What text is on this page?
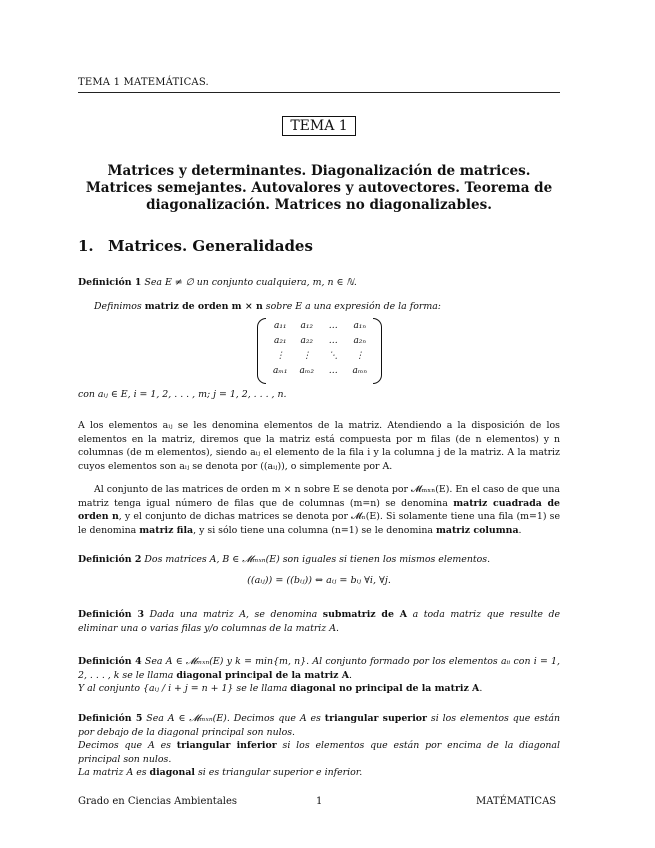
TEMA 1 MATEMÁTICAS.
TEMA 1
Matrices y determinantes. Diagonalización de matrices.
Matrices semejantes. Autovalores y autovectores. Teorema de
diagonalización. Matrices no diagonalizables.
1. Matrices. Generalidades
Definición 1 Sea E ≠ ∅ un conjunto cualquiera, m, n ∈ ℕ.
Definimos matriz de orden m × n sobre E a una expresión de la forma:
a₁₁	a₁₂	…	a₁ₙ
a₂₁	a₂₂	…	a₂ₙ
⋮	⋮	⋱	⋮
aₘ₁	aₘ₂	…	aₘₙ
con aᵢⱼ ∈ E, i = 1, 2, . . . , m; j = 1, 2, . . . , n.
A los elementos aᵢⱼ se les denomina elementos de la matriz. Atendiendo a la disposición de los elementos en la matriz, diremos que la matriz está compuesta por m filas (de n elementos) y n columnas (de m elementos), siendo aᵢⱼ el elemento de la fila i y la columna j de la matriz. A la matriz cuyos elementos son aᵢⱼ se denota por ((aᵢⱼ)), o simplemente por A.
Al conjunto de las matrices de orden m × n sobre E se denota por 𝓜ₘₓₙ(E). En el caso de que una matriz tenga igual número de filas que de columnas (m=n) se denomina matriz cuadrada de orden n, y el conjunto de dichas matrices se denota por 𝓜ₙ(E). Si solamente tiene una fila (m=1) se le denomina matriz fila, y si sólo tiene una columna (n=1) se le denomina matriz columna.
Definición 2 Dos matrices A, B ∈ 𝓜ₘₓₙ(E) son iguales si tienen los mismos elementos.
((aᵢⱼ)) = ((bᵢⱼ)) ⇔ aᵢⱼ = bᵢⱼ ∀i, ∀j.
Definición 3 Dada una matriz A, se denomina submatriz de A a toda matriz que resulte de eliminar una o varias filas y/o columnas de la matriz A.
Definición 4 Sea A ∈ 𝓜ₘₓₙ(E) y k = min{m, n}. Al conjunto formado por los elementos aᵢᵢ con i = 1, 2, . . . , k se le llama diagonal principal de la matriz A.
Y al conjunto {aᵢⱼ / i + j = n + 1} se le llama diagonal no principal de la matriz A.
Definición 5 Sea A ∈ 𝓜ₘₓₙ(E). Decimos que A es triangular superior si los elementos que están por debajo de la diagonal principal son nulos.
Decimos que A es triangular inferior si los elementos que están por encima de la diagonal principal son nulos.
La matriz A es diagonal si es triangular superior e inferior.
Grado en Ciencias Ambientales	1	MATÉMATICAS
